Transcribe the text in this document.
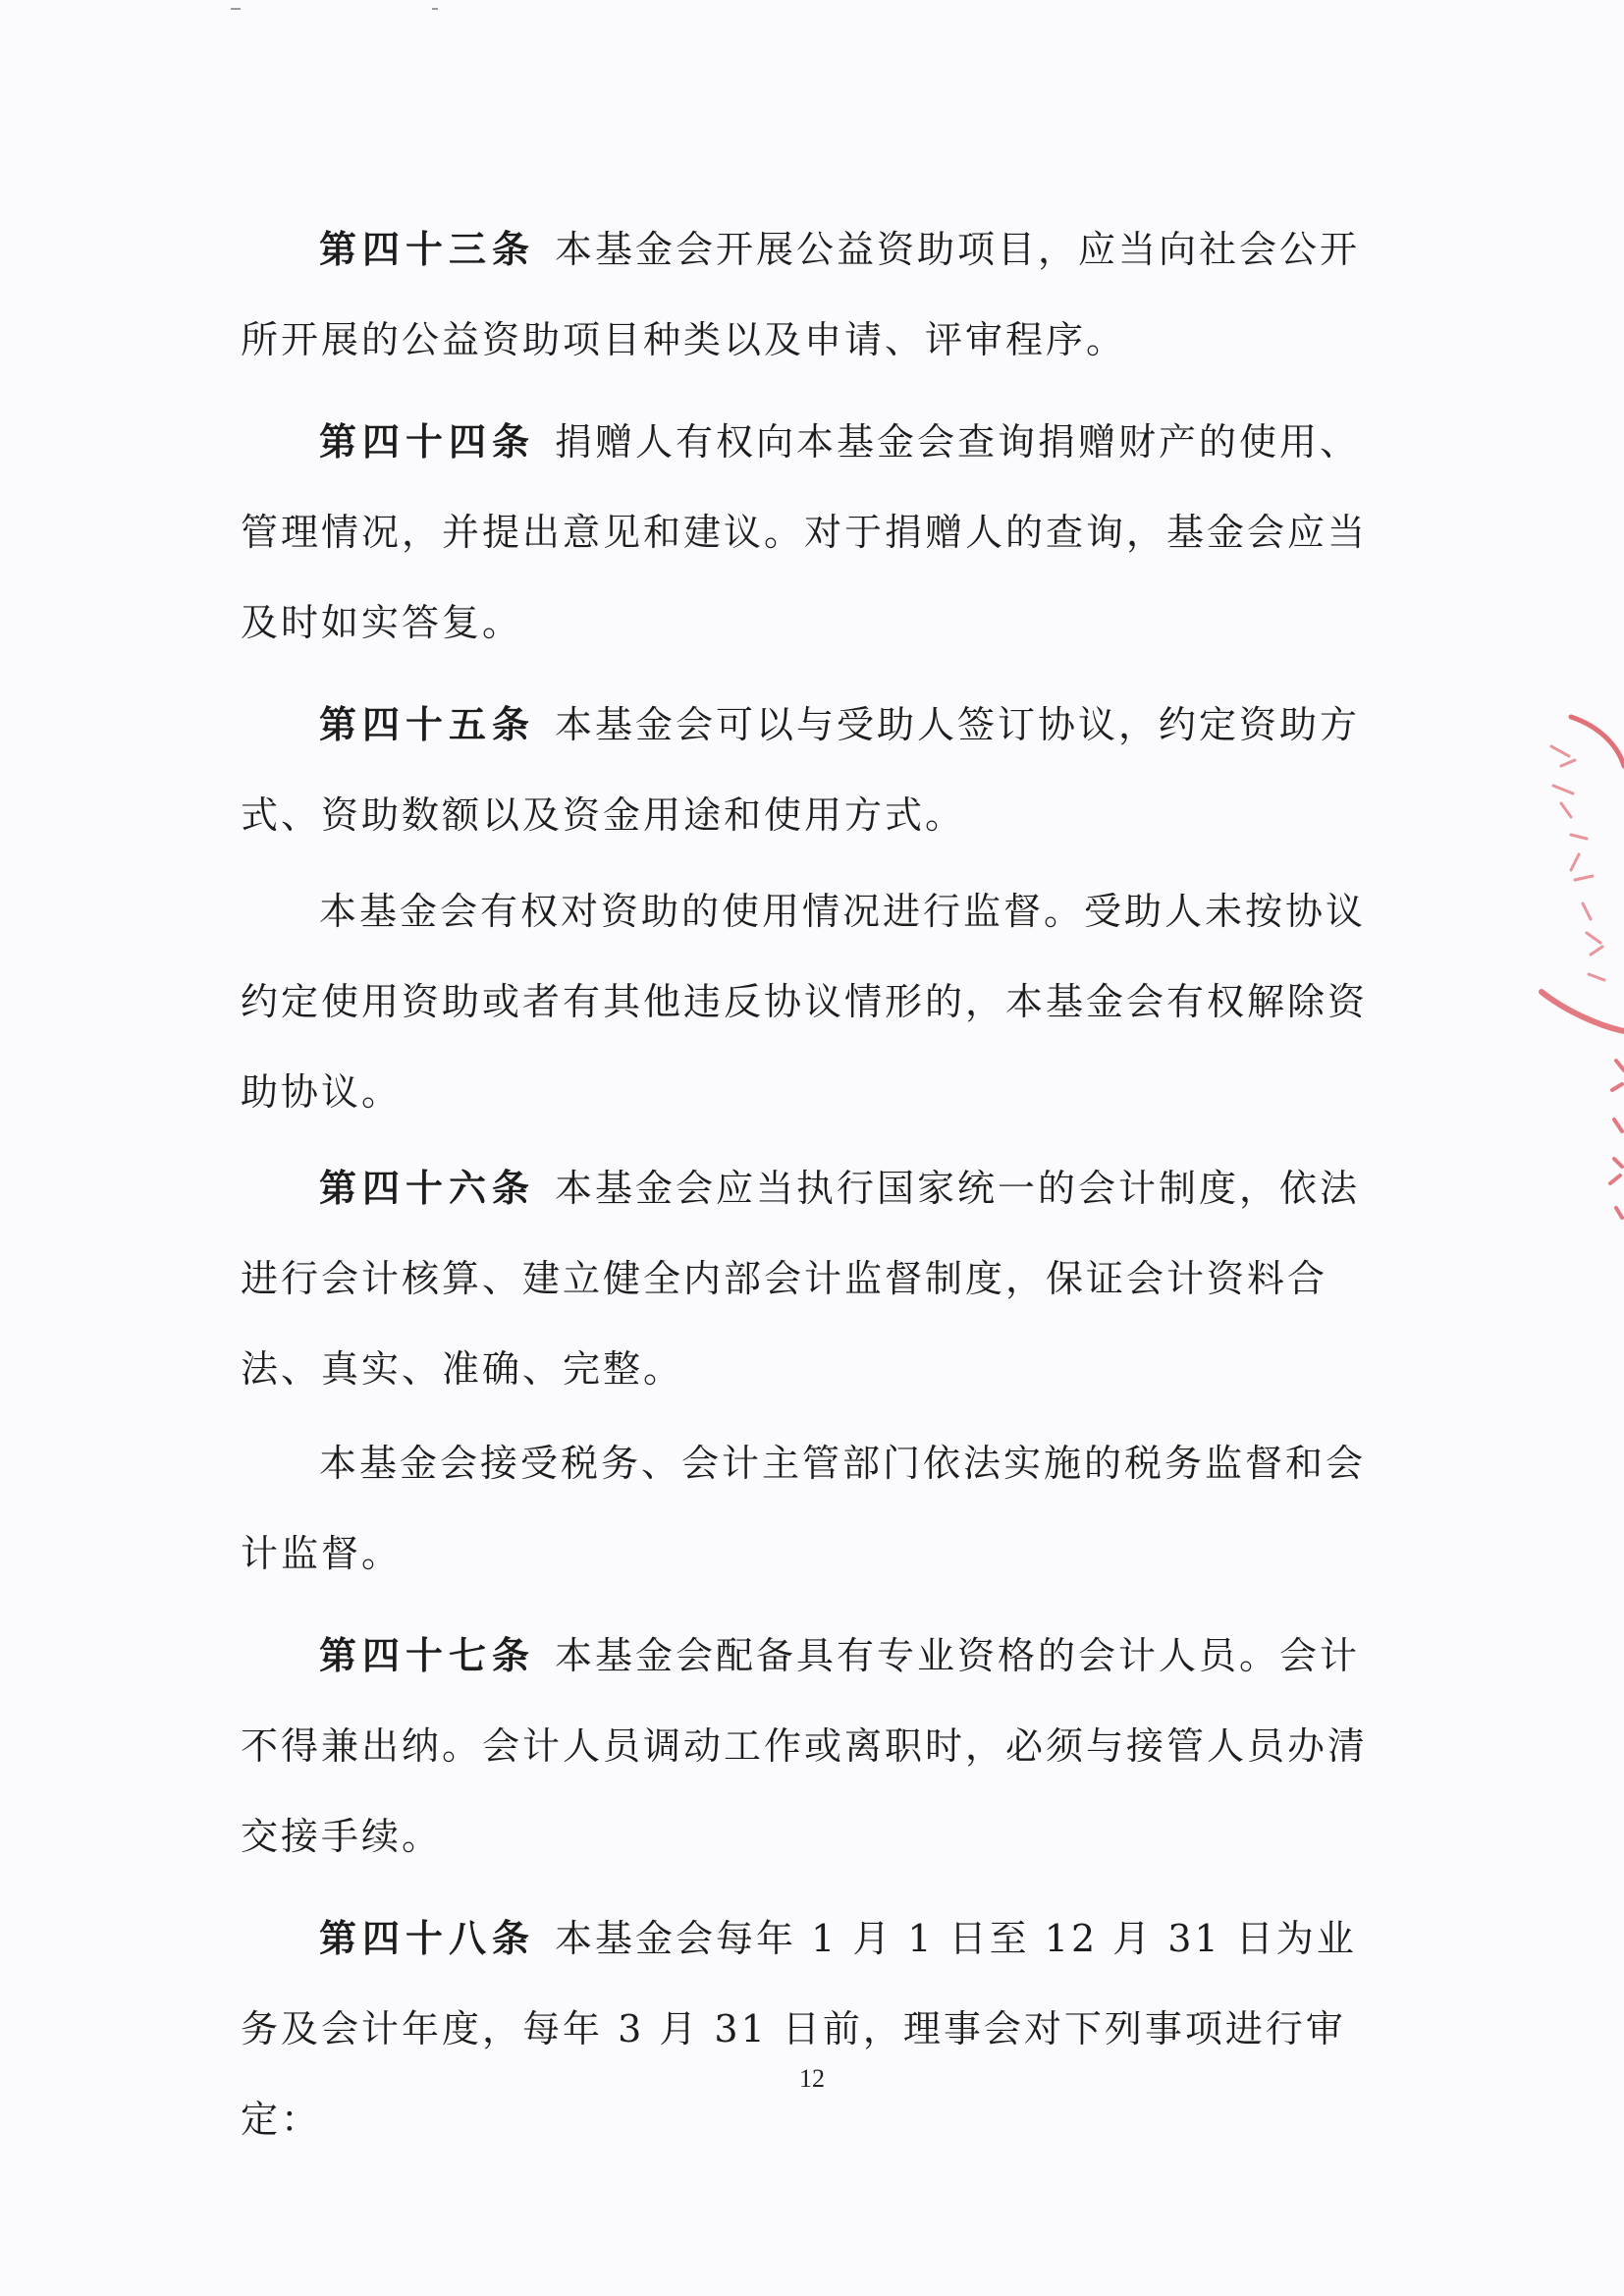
第四十三条 本基金会开展公益资助项目，应当向社会公开所开展的公益资助项目种类以及申请、评审程序。

第四十四条 捐赠人有权向本基金会查询捐赠财产的使用、管理情况，并提出意见和建议。对于捐赠人的查询，基金会应当及时如实答复。

第四十五条 本基金会可以与受助人签订协议，约定资助方式、资助数额以及资金用途和使用方式。

本基金会有权对资助的使用情况进行监督。受助人未按协议约定使用资助或者有其他违反协议情形的，本基金会有权解除资助协议。

第四十六条 本基金会应当执行国家统一的会计制度，依法进行会计核算、建立健全内部会计监督制度，保证会计资料合法、真实、准确、完整。

本基金会接受税务、会计主管部门依法实施的税务监督和会计监督。

第四十七条 本基金会配备具有专业资格的会计人员。会计不得兼出纳。会计人员调动工作或离职时，必须与接管人员办清交接手续。

第四十八条 本基金会每年 1 月 1 日至 12 月 31 日为业务及会计年度，每年 3 月 31 日前，理事会对下列事项进行审定：

12
